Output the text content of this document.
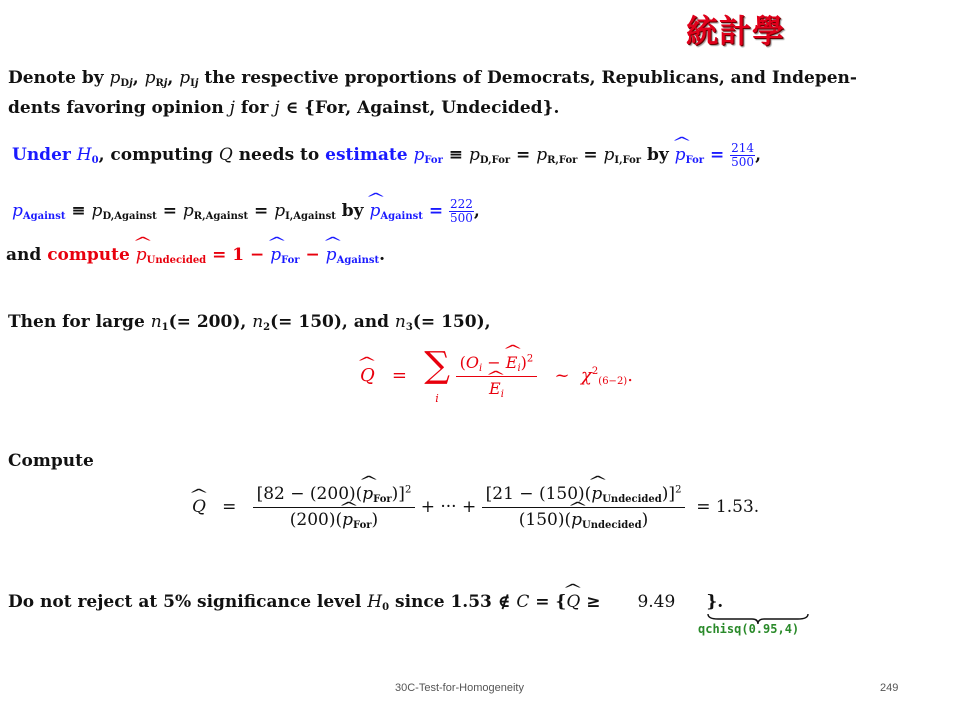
統計學
Denote by $p_{Dj}$, $p_{Rj}$, $p_{Ij}$ the respective proportions of Democrats, Republicans, and Indepen-
dents favoring opinion j for j ∈ {For, Against, Undecided}.
Under $H_0$, computing Q needs to estimate $p_{For} \equiv p_{D,For} = p_{R,For} = p_{I,For}$ by ^ $p_{For} = \frac{214}{500}$ ,
$p_{Against} \equiv p_{D,Against} = p_{R,Against} = p_{I,Against}$ by ^ $p_{Against} = \frac{222}{500}$ ,
and compute ^ $p_{Undecided} = 1$ − ^ $p_{For}$ − ^ $p_{Against}$.
Then for large $n_1(= 200)$, $n_2(= 150)$, and $n_3(= 150)$,
^ Q   =   ∑
i ($O_i$ − ^ $E_i)^2$
^ $E_i$ ~  $\chi^2_{(6-2)}$.
Compute
^ $Q = \frac{[82 - (200)(\^{} p_{For})]^2}{(200)(\^{} p_{For})}$ + ··· + $\frac{[21 - (150)(\^{} p_{Undecided})]^2}{(150)(\^{} p_{Undecided})} = 1.53$.
Do not reject at 5% significance level $H_0$ since 1.53 ∉ C = {^ Q ≥ 9.49 }.
qchisq(0.95,4)
30C-Test-for-Homogeneity	249
